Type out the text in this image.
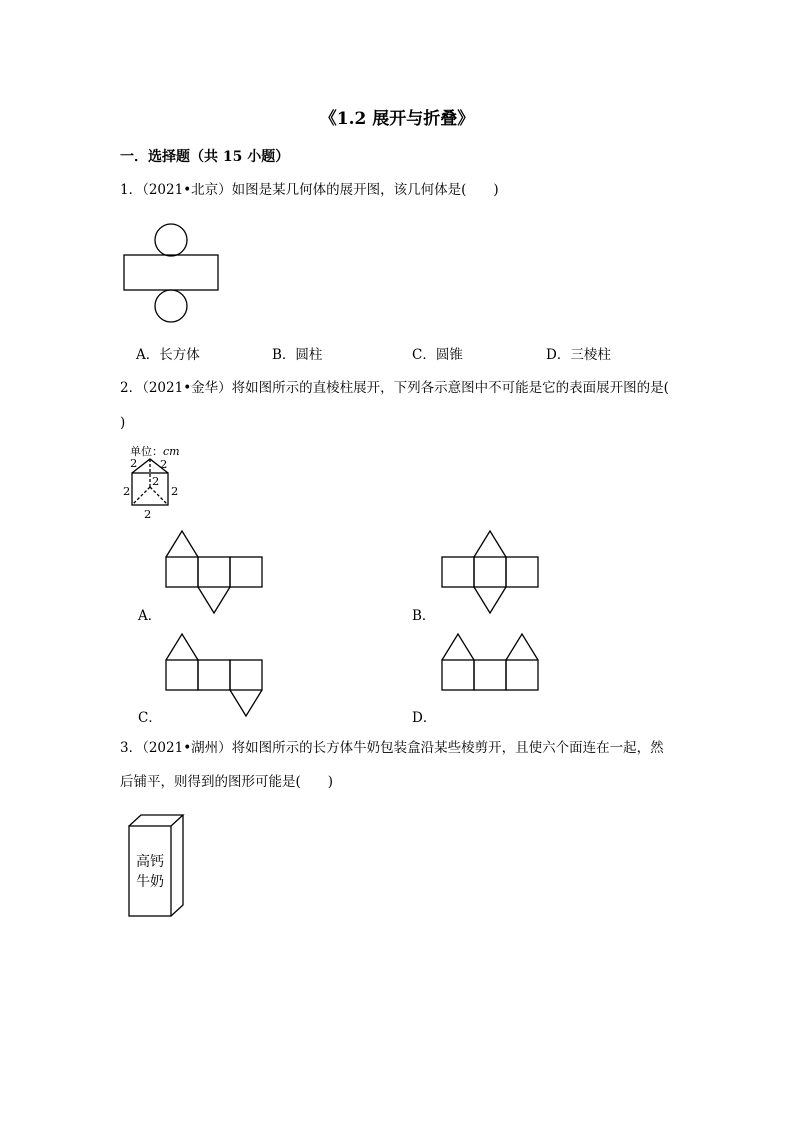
《1.2 展开与折叠》
一．选择题（共 15 小题）
1．（2021•北京）如图是某几何体的展开图，该几何体是(　　)
A．长方体	B．圆柱	C．圆锥	D．三棱柱
2．（2021•金华）将如图所示的直棱柱展开，下列各示意图中不可能是它的表面展开图的是(
)
单位：cm
2 2
2
2	2
2
A．	B．
C．	D．
3．（2021•湖州）将如图所示的长方体牛奶包装盒沿某些棱剪开，且使六个面连在一起，然
后铺平，则得到的图形可能是(　　)
高钙
牛奶
